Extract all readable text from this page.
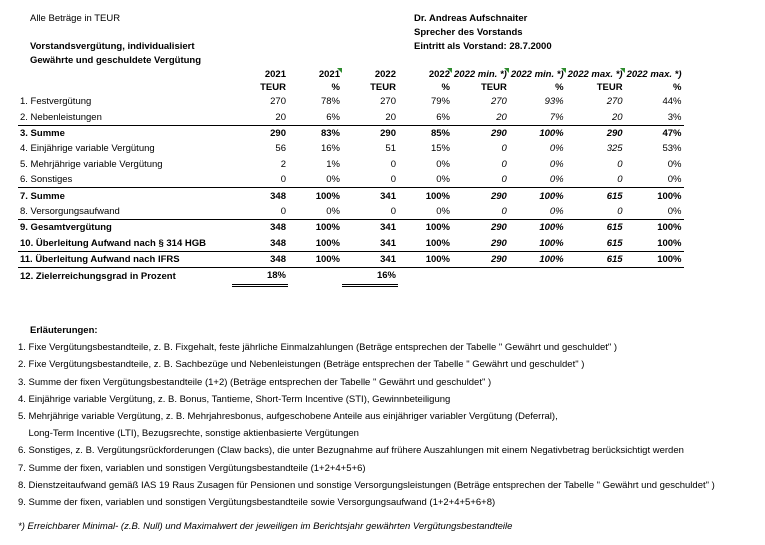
Alle Beträge in TEUR	Dr. Andreas Aufschnaiter
Sprecher des Vorstands
Eintritt als Vorstand: 28.7.2000
Vorstandsvergütung, individualisiert
Gewährte und geschuldete Vergütung
	2021	2021	2022	2022	2022 min. *)	2022 min. *)	2022 max. *)	2022 max. *)
	TEUR	%	TEUR	%	TEUR	%	TEUR	%
1. Festvergütung	270	78%	270	79%	270	93%	270	44%
2. Nebenleistungen	20	6%	20	6%	20	7%	20	3%
3. Summe	290	83%	290	85%	290	100%	290	47%
4. Einjährige variable Vergütung	56	16%	51	15%	0	0%	325	53%
5. Mehrjährige variable Vergütung	2	1%	0	0%	0	0%	0	0%
6. Sonstiges	0	0%	0	0%	0	0%	0	0%
7. Summe	348	100%	341	100%	290	100%	615	100%
8. Versorgungsaufwand	0	0%	0	0%	0	0%	0	0%
9. Gesamtvergütung	348	100%	341	100%	290	100%	615	100%
10. Überleitung Aufwand nach § 314 HGB	348	100%	341	100%	290	100%	615	100%
11. Überleitung Aufwand nach IFRS	348	100%	341	100%	290	100%	615	100%
12. Zielerreichungsgrad in Prozent	18%		16%					
Erläuterungen:
1. Fixe Vergütungsbestandteile, z. B. Fixgehalt, feste jährliche Einmalzahlungen (Beträge entsprechen der Tabelle " Gewährt und geschuldet" )
2. Fixe Vergütungsbestandteile, z. B. Sachbezüge und Nebenleistungen (Beträge entsprechen der Tabelle " Gewährt und geschuldet" )
3. Summe der fixen Vergütungsbestandteile (1+2) (Beträge entsprechen der Tabelle " Gewährt und geschuldet" )
4. Einjährige variable Vergütung, z. B. Bonus, Tantieme, Short-Term Incentive (STI), Gewinnbeteiligung
5. Mehrjährige variable Vergütung, z. B. Mehrjahresbonus, aufgeschobene Anteile aus einjähriger variabler Vergütung (Deferral),
Long-Term Incentive (LTI), Bezugsrechte, sonstige aktienbasierte Vergütungen
6. Sonstiges, z. B. Vergütungsrückforderungen (Claw backs), die unter Bezugnahme auf frühere Auszahlungen mit einem Negativbetrag berücksichtigt werden
7. Summe der fixen, variablen und sonstigen Vergütungsbestandteile (1+2+4+5+6)
8. Dienstzeitaufwand gemäß IAS 19 Raus Zusagen für Pensionen und sonstige Versorgungsleistungen (Beträge entsprechen der Tabelle " Gewährt und geschuldet" )
9. Summe der fixen, variablen und sonstigen Vergütungsbestandteile sowie Versorgungsaufwand (1+2+4+5+6+8)
*) Erreichbarer Minimal- (z.B. Null) und Maximalwert der jeweiligen im Berichtsjahr gewährten Vergütungsbestandteile
